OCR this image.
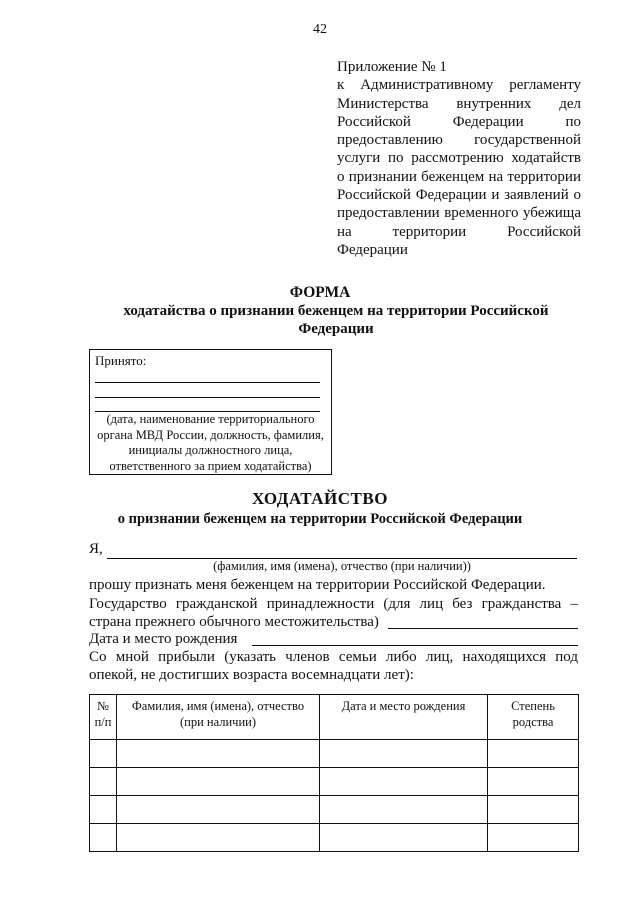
42
Приложение № 1
к Административному регламенту
Министерства внутренних дел
Российской Федерации по
предоставлению государственной
услуги по рассмотрению ходатайств
о признании беженцем на территории
Российской Федерации и заявлений о
предоставлении временного убежища
на территории Российской
Федерации
ФОРМА
ходатайства о признании беженцем на территории Российской Федерации
Принято:
(дата, наименование территориального органа МВД России, должность, фамилия, инициалы должностного лица, ответственного за прием ходатайства)
ХОДАТАЙСТВО
о признании беженцем на территории Российской Федерации
Я,
(фамилия, имя (имена), отчество (при наличии))
прошу признать меня беженцем на территории Российской Федерации.
Государство гражданской принадлежности (для лиц без гражданства –
страна прежнего обычного местожительства)
Дата и место рождения
Со мной прибыли (указать членов семьи либо лиц, находящихся под
опекой, не достигших возраста восемнадцати лет):
№ п/п	Фамилия, имя (имена), отчество (при наличии)	Дата и место рождения	Степень родства
